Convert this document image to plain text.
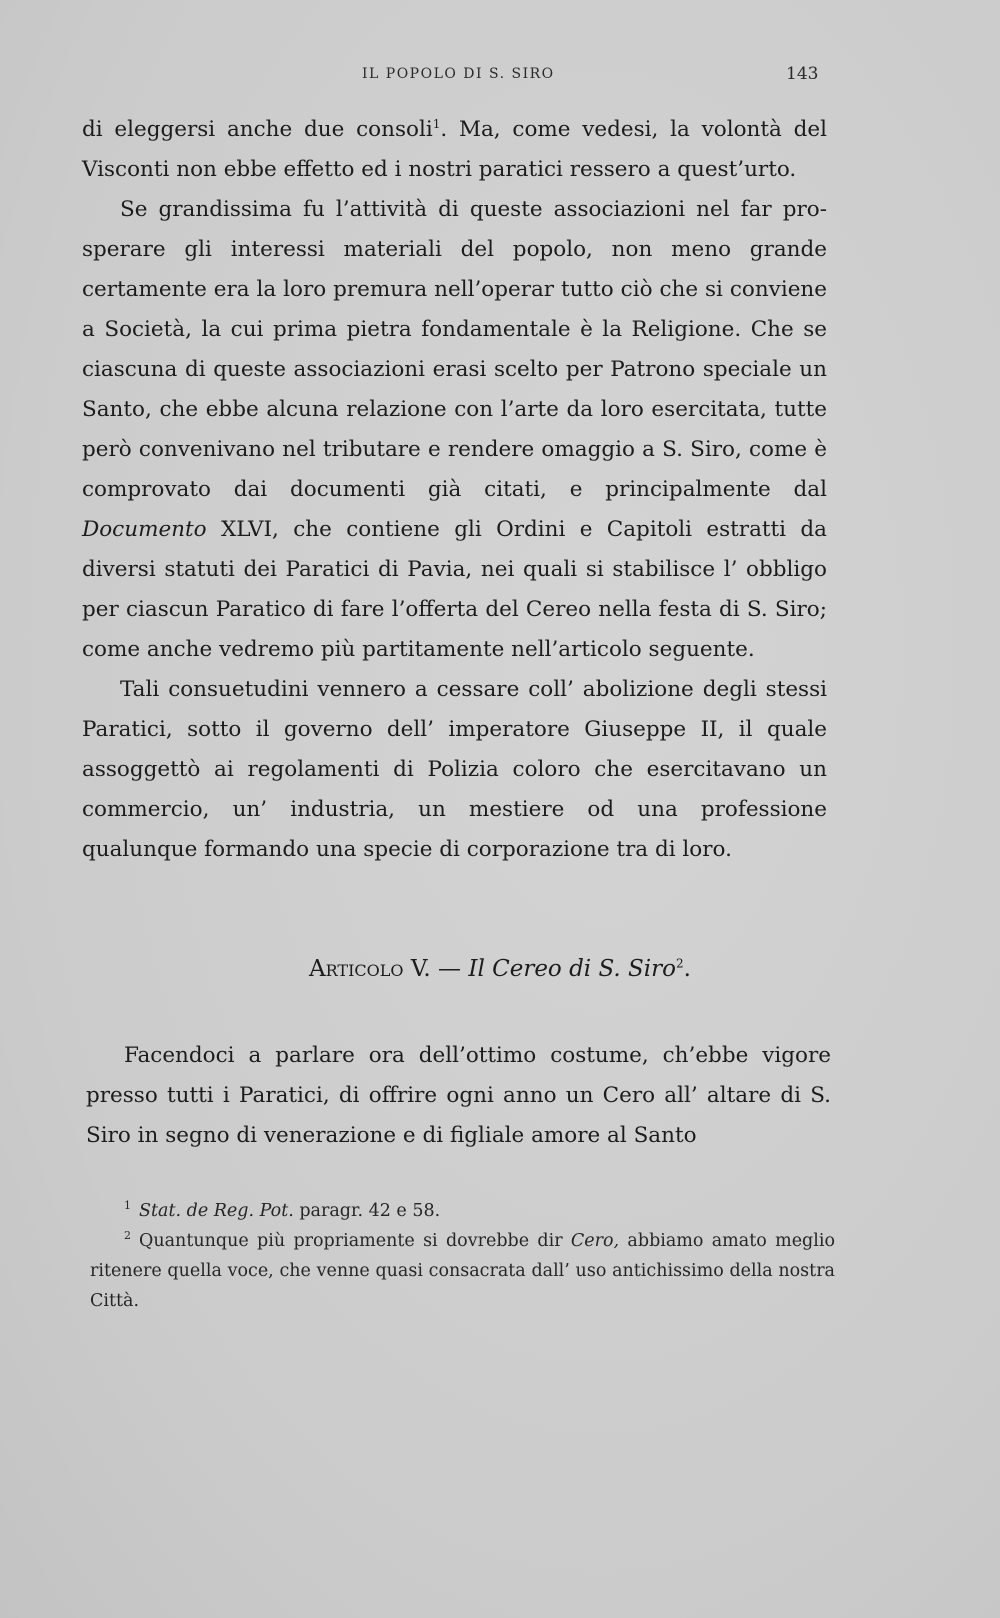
IL POPOLO DI S. SIRO	143

di eleggersi anche due consoli$^1$. Ma, come vedesi, la volontà del Visconti non ebbe effetto ed i nostri paratici ressero a quest’urto.

Se grandissima fu l’attività di queste associazioni nel far prosperare gli interessi materiali del popolo, non meno grande certamente era la loro premura nell’operar tutto ciò che si conviene a Società, la cui prima pietra fondamentale è la Religione. Che se ciascuna di queste associazioni erasi scelto per Patrono speciale un Santo, che ebbe alcuna relazione con l’arte da loro esercitata, tutte però convenivano nel tributare e rendere omaggio a S. Siro, come è comprovato dai documenti già citati, e principalmente dal Documento XLVI, che contiene gli Ordini e Capitoli estratti da diversi statuti dei Paratici di Pavia, nei quali si stabilisce l’ obbligo per ciascun Paratico di fare l’offerta del Cereo nella festa di S. Siro; come anche vedremo più partitamente nell’articolo seguente.

Tali consuetudini vennero a cessare coll’ abolizione degli stessi Paratici, sotto il governo dell’ imperatore Giuseppe II, il quale assoggettò ai regolamenti di Polizia coloro che esercitavano un commercio, un’ industria, un mestiere od una professione qualunque formando una specie di corporazione tra di loro.

Articolo V. — Il Cereo di S. Siro$^2$.

Facendoci a parlare ora dell’ottimo costume, ch’ebbe vigore presso tutti i Paratici, di offrire ogni anno un Cero all’ altare di S. Siro in segno di venerazione e di figliale amore al Santo

$^1$ Stat. de Reg. Pot. paragr. 42 e 58.

$^2$ Quantunque più propriamente si dovrebbe dir Cero, abbiamo amato meglio ritenere quella voce, che venne quasi consacrata dall’ uso antichissimo della nostra Città.
